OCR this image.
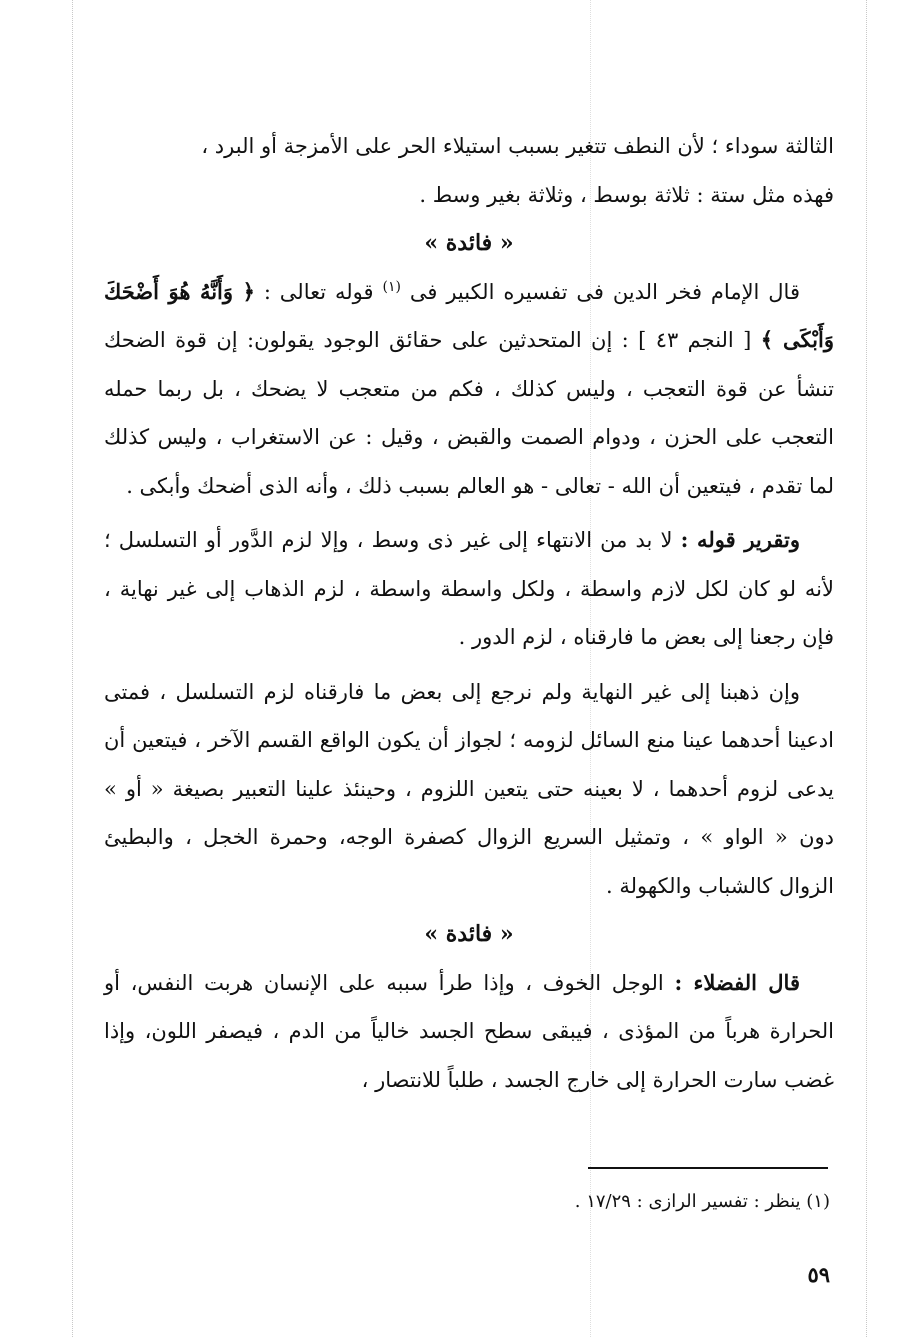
الثالثة سوداء ؛ لأن النطف تتغير بسبب استيلاء الحر على الأمزجة أو البرد ،

فهذه مثل ستة : ثلاثة بوسط ، وثلاثة بغير وسط .

« فائدة »

قال الإمام فخر الدين فى تفسيره الكبير فى $^{(١)}$ قوله تعالى : ﴿ وَأَنَّهُ هُوَ أَضْحَكَ وَأَبْكَى ﴾ [ النجم ٤٣ ] : إن المتحدثين على حقائق الوجود يقولون: إن قوة الضحك تنشأ عن قوة التعجب ، وليس كذلك ، فكم من متعجب لا يضحك ، بل ربما حمله التعجب على الحزن ، ودوام الصمت والقبض ، وقيل : عن الاستغراب ، وليس كذلك لما تقدم ، فيتعين أن الله - تعالى - هو العالم بسبب ذلك ، وأنه الذى أضحك وأبكى .

وتقرير قوله : لا بد من الانتهاء إلى غير ذى وسط ، وإلا لزم الدَّور أو التسلسل ؛ لأنه لو كان لكل لازم واسطة ، ولكل واسطة واسطة ، لزم الذهاب إلى غير نهاية ، فإن رجعنا إلى بعض ما فارقناه ، لزم الدور .

وإن ذهبنا إلى غير النهاية ولم نرجع إلى بعض ما فارقناه لزم التسلسل ، فمتى ادعينا أحدهما عينا منع السائل لزومه ؛ لجواز أن يكون الواقع القسم الآخر ، فيتعين أن يدعى لزوم أحدهما ، لا بعينه حتى يتعين اللزوم ، وحينئذ علينا التعبير بصيغة « أو » دون « الواو » ، وتمثيل السريع الزوال كصفرة الوجه، وحمرة الخجل ، والبطيئ الزوال كالشباب والكهولة .

« فائدة »

قال الفضلاء : الوجل الخوف ، وإذا طرأ سببه على الإنسان هربت النفس، أو الحرارة هرباً من المؤذى ، فيبقى سطح الجسد خالياً من الدم ، فيصفر اللون، وإذا غضب سارت الحرارة إلى خارج الجسد ، طلباً للانتصار ،

(١) ينظر : تفسير الرازى : ١٧/٢٩ .
٥٩
